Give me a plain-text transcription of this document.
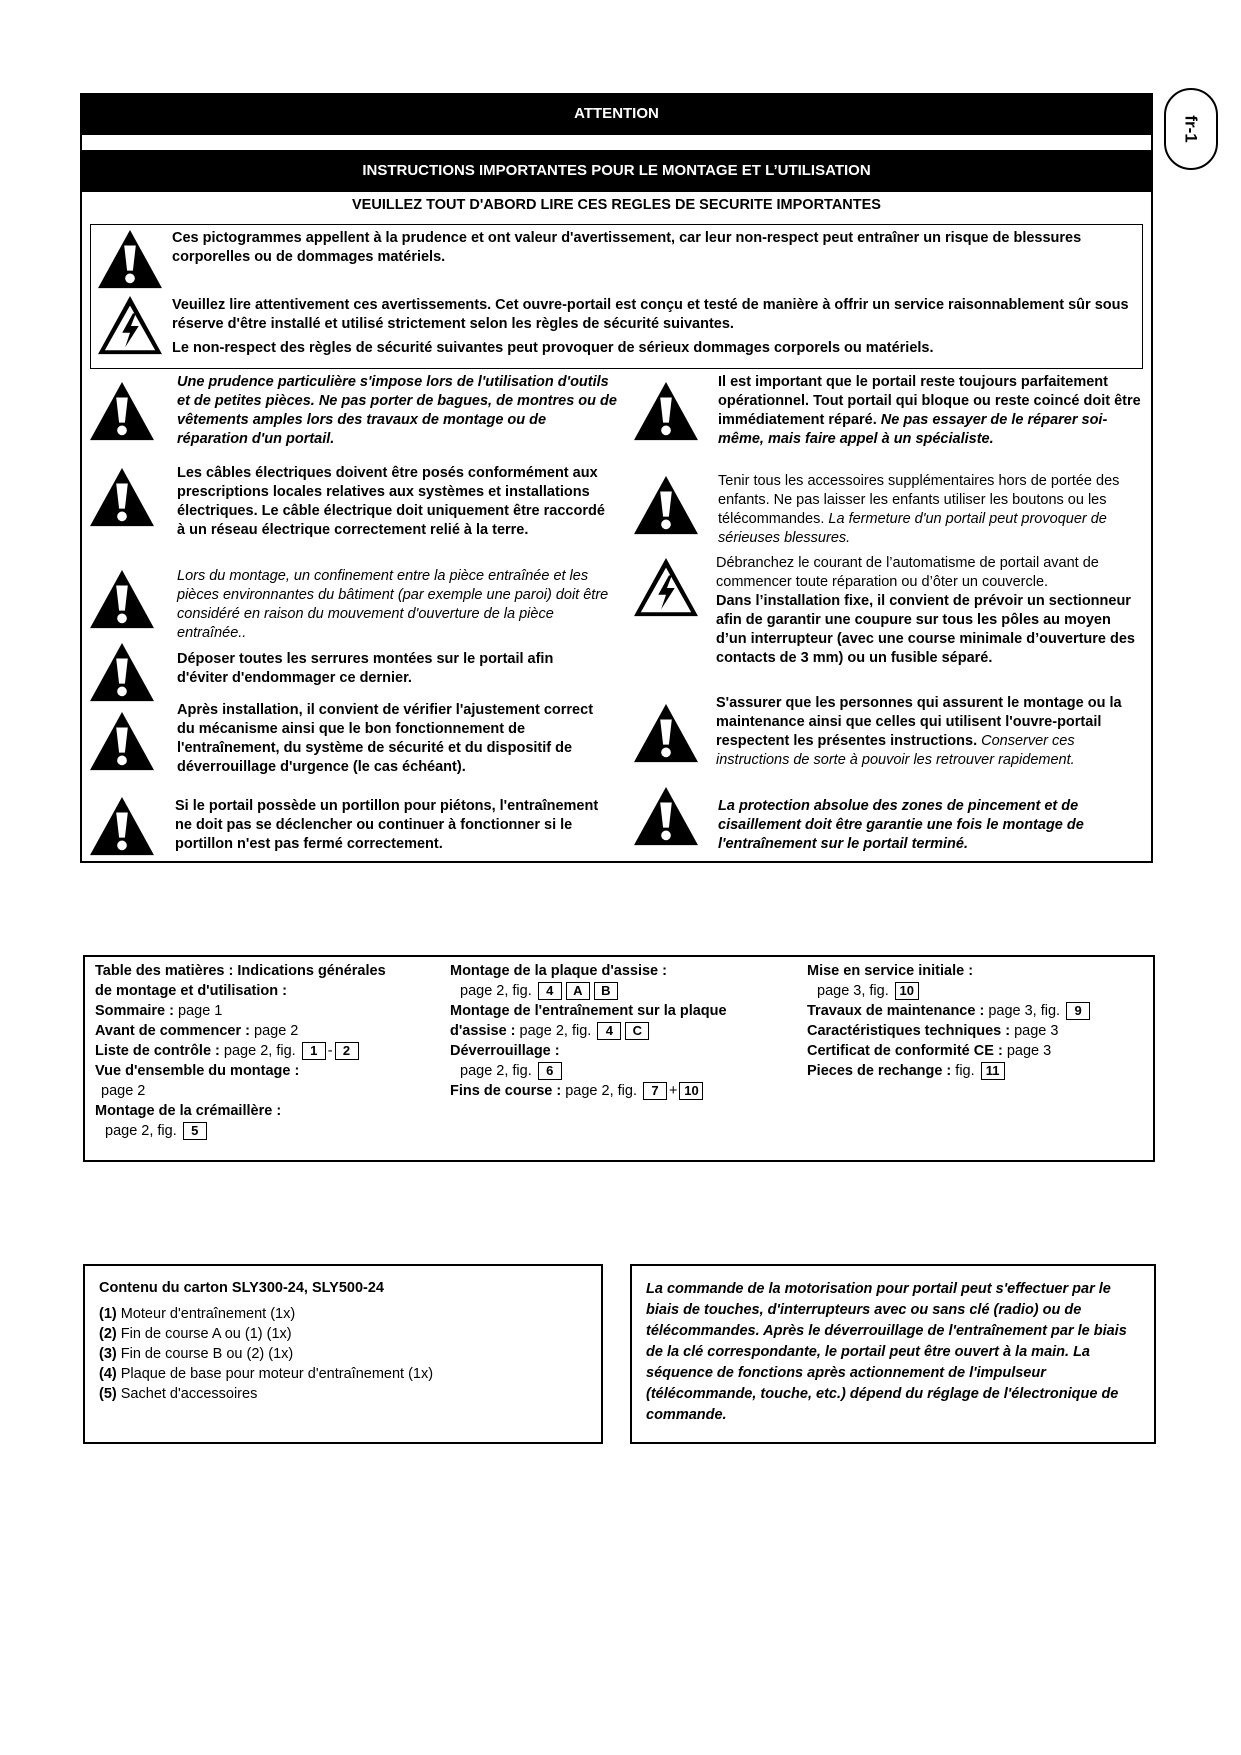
fr-1
ATTENTION
INSTRUCTIONS IMPORTANTES POUR LE MONTAGE ET L’UTILISATION
VEUILLEZ TOUT D'ABORD LIRE CES REGLES DE SECURITE IMPORTANTES
Ces pictogrammes appellent à la prudence et ont valeur d'avertissement, car leur non-respect peut entraîner un risque de blessures corporelles ou de dommages matériels.
Veuillez lire attentivement ces avertissements. Cet ouvre-portail est conçu et testé de manière à offrir un service raisonnablement sûr sous réserve d'être installé et utilisé strictement selon les règles de sécurité suivantes.
Le non-respect des règles de sécurité suivantes peut provoquer de sérieux dommages corporels ou matériels.
Une prudence particulière s'impose lors de l'utilisation d'outils et de petites pièces. Ne pas porter de bagues, de montres ou de vêtements amples lors des travaux de montage ou de réparation d'un portail.
Les câbles électriques doivent être posés conformément aux prescriptions locales relatives aux systèmes et installations électriques. Le câble électrique doit uniquement être raccordé à un réseau électrique correctement relié à la terre.
Lors du montage, un confinement entre la pièce entraînée et les pièces environnantes du bâtiment (par exemple une paroi) doit être considéré en raison du mouvement d'ouverture de la pièce entraînée..
Déposer toutes les serrures montées sur le portail afin d'éviter d'endommager ce dernier.
Après installation, il convient de vérifier l'ajustement correct du mécanisme ainsi que le bon fonctionnement de l'entraînement, du système de sécurité et du dispositif de déverrouillage d'urgence (le cas échéant).
Si le portail possède un portillon pour piétons, l'entraînement ne doit pas se déclencher ou continuer à fonctionner si le portillon n'est pas fermé correctement.
Il est important que le portail reste toujours parfaitement opérationnel. Tout portail qui bloque ou reste coincé doit être immédiatement réparé. Ne pas essayer de le réparer soi-même, mais faire appel à un spécialiste.
Tenir tous les accessoires supplémentaires hors de portée des enfants. Ne pas laisser les enfants utiliser les boutons ou les télécommandes. La fermeture d'un portail peut provoquer de sérieuses blessures.
Débranchez le courant de l’automatisme de portail avant de commencer toute réparation ou d’ôter un couvercle.
Dans l’installation fixe, il convient de prévoir un sectionneur afin de garantir une coupure sur tous les pôles au moyen d’un interrupteur (avec une course minimale d’ouverture des contacts de 3 mm) ou un fusible séparé.
S'assurer que les personnes qui assurent le montage ou la maintenance ainsi que celles qui utilisent l'ouvre-portail respectent les présentes instructions. Conserver ces instructions de sorte à pouvoir les retrouver rapidement.
La protection absolue des zones de pincement et de cisaillement doit être garantie une fois le montage de l'entraînement sur le portail terminé.
Table des matières : Indications générales
de montage et d'utilisation :
Sommaire : page 1
Avant de commencer : page 2
Liste de contrôle : page 2, fig. 1 - 2
Vue d'ensemble du montage :
page 2
Montage de la crémaillère :
page 2, fig. 5
Montage de la plaque d'assise :
page 2, fig. 4 A B
Montage de l'entraînement sur la plaque
d'assise : page 2, fig. 4 C
Déverrouillage :
page 2, fig. 6
Fins de course : page 2, fig. 7 + 10
Mise en service initiale :
page 3, fig. 10
Travaux de maintenance : page 3, fig. 9
Caractéristiques techniques : page 3
Certificat de conformité CE : page 3
Pieces de rechange : fig. 11
Contenu du carton SLY300-24, SLY500-24
(1) Moteur d'entraînement (1x)
(2) Fin de course A ou (1) (1x)
(3) Fin de course B ou (2) (1x)
(4) Plaque de base pour moteur d'entraînement (1x)
(5) Sachet d'accessoires
La commande de la motorisation pour portail peut s'effectuer par le biais de touches, d'interrupteurs avec ou sans clé (radio) ou de télécommandes. Après le déverrouillage de l'entraînement par le biais de la clé correspondante, le portail peut être ouvert à la main. La séquence de fonctions après actionnement de l'impulseur (télécommande, touche, etc.) dépend du réglage de l'électronique de commande.
